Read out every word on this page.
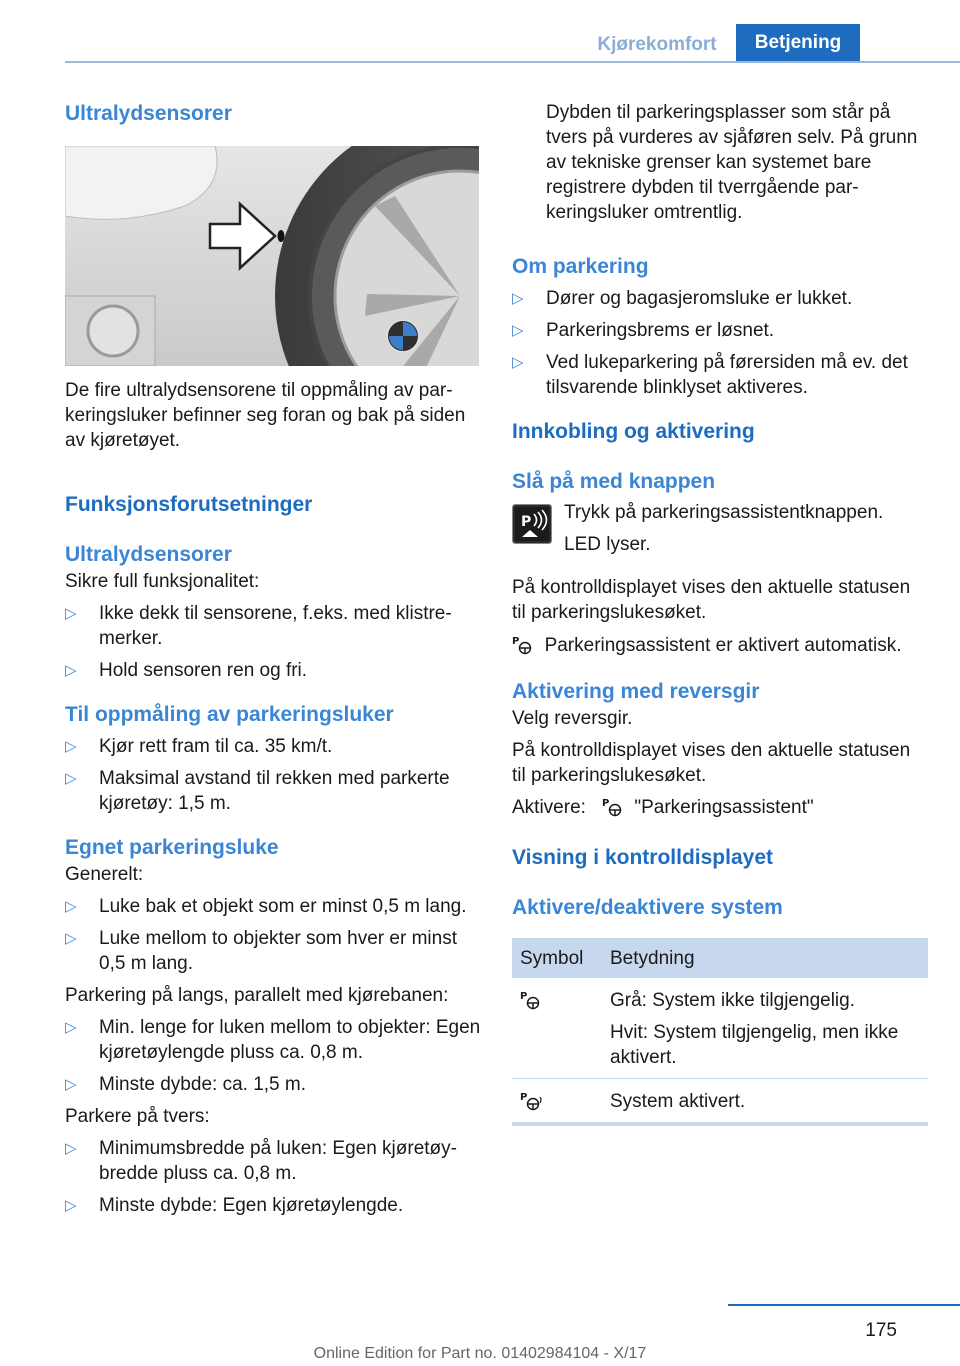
Kjørekomfort	Betjening
Ultralydsensorer

De fire ultralydsensorene til oppmåling av parkeringsluker befinner seg foran og bak på siden av kjøretøyet.

Funksjonsforutsetninger
Ultralydsensorer

Sikre full funksjonalitet:

▷ Ikke dekk til sensorene, f.eks. med klistremerker.
▷ Hold sensoren ren og fri.
Til oppmåling av parkeringsluker
▷ Kjør rett fram til ca. 35 km/t.
▷ Maksimal avstand til rekken med parkerte kjøretøy: 1,5 m.
Egnet parkeringsluke

Generelt:

▷ Luke bak et objekt som er minst 0,5 m lang.
▷ Luke mellom to objekter som hver er minst 0,5 m lang.

Parkering på langs, parallelt med kjørebanen:

▷ Min. lenge for luken mellom to objekter: Egen kjøretøylengde pluss ca. 0,8 m.
▷ Minste dybde: ca. 1,5 m.

Parkere på tvers:

▷ Minimumsbredde på luken: Egen kjøretøybredde pluss ca. 0,8 m.
▷ Minste dybde: Egen kjøretøylengde.

Dybden til parkeringsplasser som står på tvers på vurderes av sjåføren selv. På grunn av tekniske grenser kan systemet bare registrere dybden til tverrgående parkeringsluker omtrentlig.

Om parkering
▷ Dører og bagasjeromsluke er lukket.
▷ Parkeringsbrems er løsnet.
▷ Ved lukeparkering på førersiden må ev. det tilsvarende blinklyset aktiveres.
Innkobling og aktivering
Slå på med knappen
P Trykk på parkeringsassistentknappen.

LED lyser.

På kontrolldisplayet vises den aktuelle statusen til parkeringslukesøket.

P Parkeringsassistent er aktivert automatisk.

Aktivering med reversgir

Velg reversgir.

På kontrolldisplayet vises den aktuelle statusen til parkeringslukesøket.

Aktivere: P "Parkeringsassistent"

Visning i kontrolldisplayet
Aktivere/deaktivere system
Symbol	Betydning

P	Grå: System ikke tilgjengelig.

Hvit: System tilgjengelig, men ikke aktivert.

P	System aktivert.

175
Online Edition for Part no. 01402984104 - X/17
